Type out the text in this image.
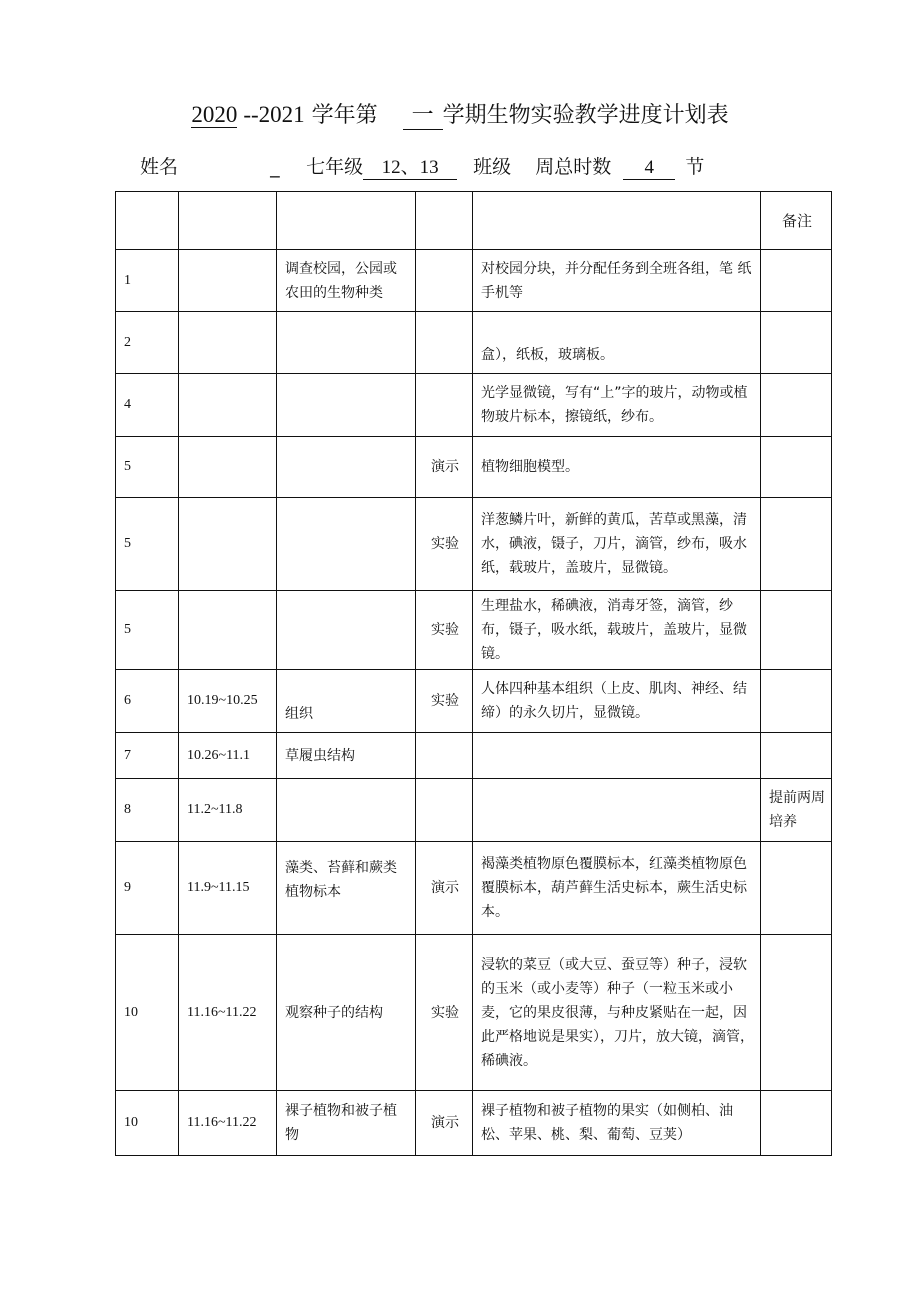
2020 --2021 学年第 一 学期生物实验教学进度计划表
姓名	_ 七年级 12、13 班级 周总时数 4 节
					备注
1		调查校园，公园或农田的生物种类		对校园分块，并分配任务到全班各组，笔 纸 手机等	
2				盒），纸板，玻璃板。	
4				光学显微镜，写有“上”字的玻片，动物或植物玻片标本，擦镜纸，纱布。	
5			演示	植物细胞模型。	
5			实验	洋葱鳞片叶，新鲜的黄瓜，苦草或黑藻，清水，碘液，镊子，刀片，滴管，纱布，吸水纸，载玻片，盖玻片，显微镜。	
5			实验	生理盐水，稀碘液，消毒牙签，滴管，纱布，镊子，吸水纸，载玻片，盖玻片，显微镜。	
6	10.19~10.25	组织	实验	人体四种基本组织（上皮、肌肉、神经、结缔）的永久切片，显微镜。	
7	10.26~11.1	草履虫结构			
8	11.2~11.8				提前两周培养
9	11.9~11.15	藻类、苔藓和蕨类植物标本	演示	褐藻类植物原色覆膜标本，红藻类植物原色覆膜标本，葫芦藓生活史标本，蕨生活史标本。	
10	11.16~11.22	观察种子的结构	实验	浸软的菜豆（或大豆、蚕豆等）种子，浸软的玉米（或小麦等）种子（一粒玉米或小麦，它的果皮很薄，与种皮紧贴在一起，因此严格地说是果实），刀片，放大镜，滴管，稀碘液。	
10	11.16~11.22	裸子植物和被子植物	演示	裸子植物和被子植物的果实（如侧柏、油松、苹果、桃、梨、葡萄、豆荚）	
